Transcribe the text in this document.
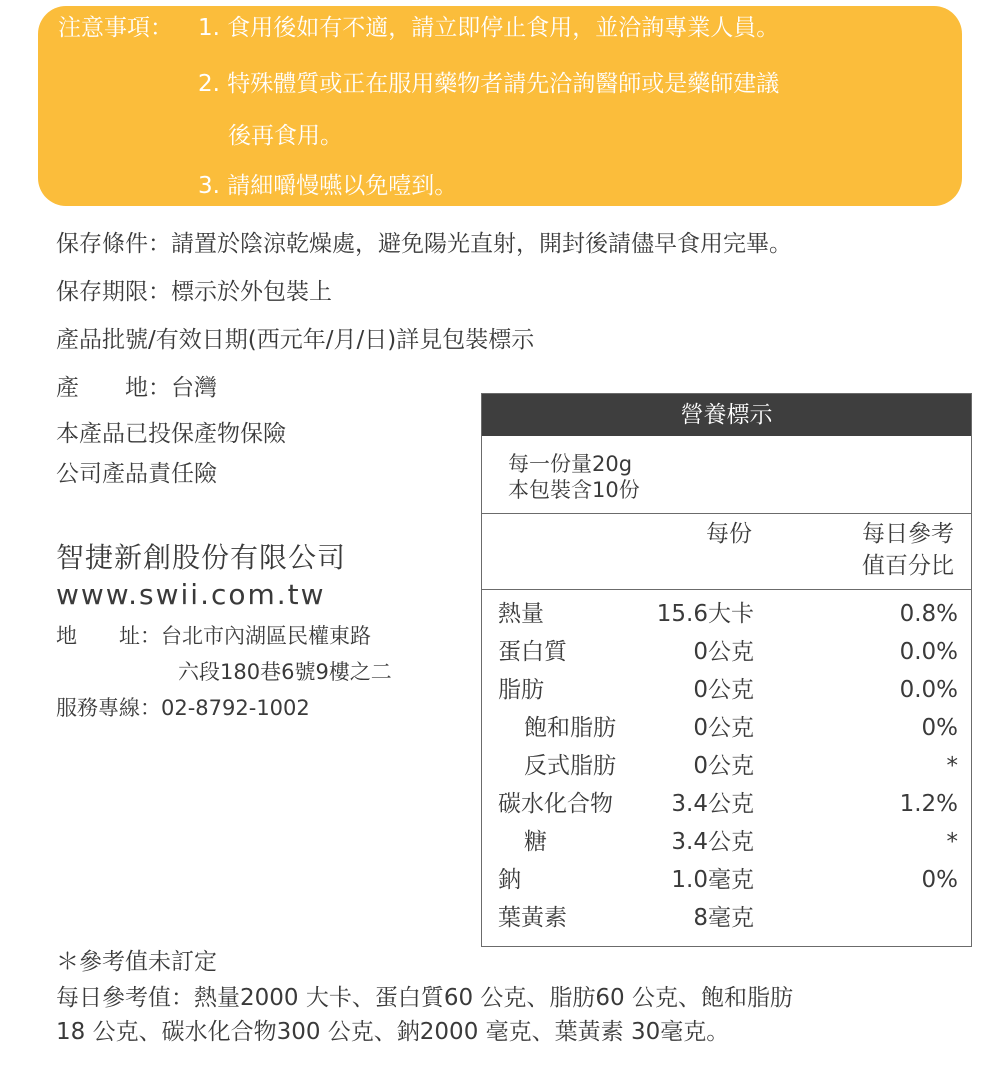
注意事項： 1. 食用後如有不適，請立即停止食用，並洽詢專業人員。
2. 特殊體質或正在服用藥物者請先洽詢醫師或是藥師建議
後再食用。
3. 請細嚼慢嚥以免噎到。
保存條件：請置於陰涼乾燥處，避免陽光直射，開封後請儘早食用完畢。
保存期限：標示於外包裝上
產品批號/有效日期(西元年/月/日)詳見包裝標示
產　　地：台灣
本產品已投保產物保險
公司產品責任險
智捷新創股份有限公司
www.swii.com.tw
地　　址：台北市內湖區民權東路
六段180巷6號9樓之二
服務專線：02-8792-1002
營養標示
每一份量20g
本包裝含10份
每份	每日參考
值百分比
熱量	15.6大卡	0.8%
蛋白質	0公克	0.0%
脂肪	0公克	0.0%
飽和脂肪	0公克	0%
反式脂肪	0公克	*
碳水化合物	3.4公克	1.2%
糖	3.4公克	*
鈉	1.0毫克	0%
葉黃素	8毫克
＊參考值未訂定
每日參考值：熱量2000 大卡、蛋白質60 公克、脂肪60 公克、飽和脂肪
18 公克、碳水化合物300 公克、鈉2000 毫克、葉黃素 30毫克。
